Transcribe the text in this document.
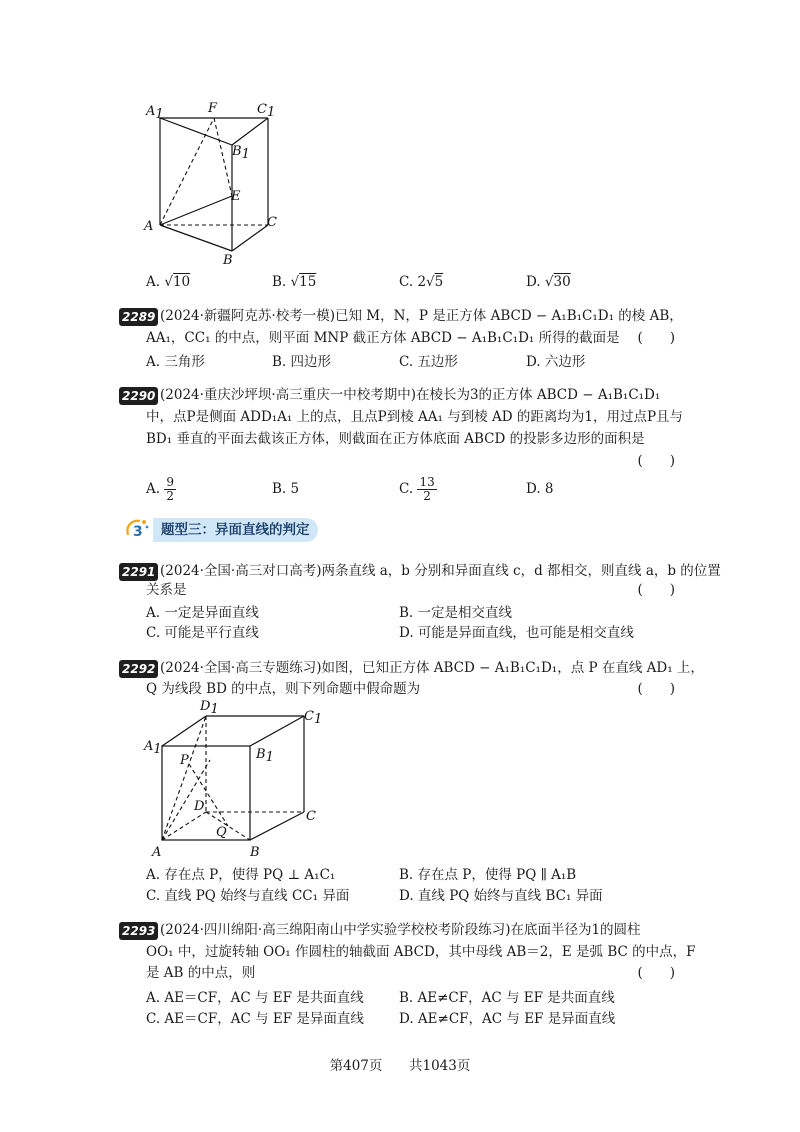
A1	F	C1
B1
E
A	C
B
A. √10	B. √15	C. 2√5	D. √30
2289 (2024·新疆阿克苏·校考一模)已知 M，N，P 是正方体 ABCD − A₁B₁C₁D₁ 的棱 AB，
AA₁，CC₁ 的中点，则平面 MNP 截正方体 ABCD − A₁B₁C₁D₁ 所得的截面是 (　　)
A. 三角形	B. 四边形	C. 五边形	D. 六边形
2290 (2024·重庆沙坪坝·高三重庆一中校考期中)在棱长为3的正方体 ABCD − A₁B₁C₁D₁
中，点P是侧面 ADD₁A₁ 上的点，且点P到棱 AA₁ 与到棱 AD 的距离均为1，用过点P且与
BD₁ 垂直的平面去截该正方体，则截面在正方体底面 ABCD 的投影多边形的面积是
(　　)
A. $\frac{9}{2}$	B. 5	C. $\frac{13}{2}$	D. 8
3	题型三：异面直线的判定
2291 (2024·全国·高三对口高考)两条直线 a，b 分别和异面直线 c，d 都相交，则直线 a，b 的位置
关系是	(　　)
A. 一定是异面直线	B. 一定是相交直线
C. 可能是平行直线	D. 可能是异面直线，也可能是相交直线
2292 (2024·全国·高三专题练习)如图，已知正方体 ABCD − A₁B₁C₁D₁，点 P 在直线 AD₁ 上，
Q 为线段 BD 的中点，则下列命题中假命题为	(　　)
D1	C1
A1	B1
P
D
C
Q
A	B
A. 存在点 P，使得 PQ ⊥ A₁C₁	B. 存在点 P，使得 PQ ∥ A₁B
C. 直线 PQ 始终与直线 CC₁ 异面	D. 直线 PQ 始终与直线 BC₁ 异面
2293 (2024·四川绵阳·高三绵阳南山中学实验学校校考阶段练习)在底面半径为1的圆柱
OO₁ 中，过旋转轴 OO₁ 作圆柱的轴截面 ABCD，其中母线 AB＝2，E 是弧 BC 的中点，F
是 AB 的中点，则	(　　)
A. AE＝CF，AC 与 EF 是共面直线	B. AE≠CF，AC 与 EF 是共面直线
C. AE＝CF，AC 与 EF 是异面直线	D. AE≠CF，AC 与 EF 是异面直线
第407页 共1043页
